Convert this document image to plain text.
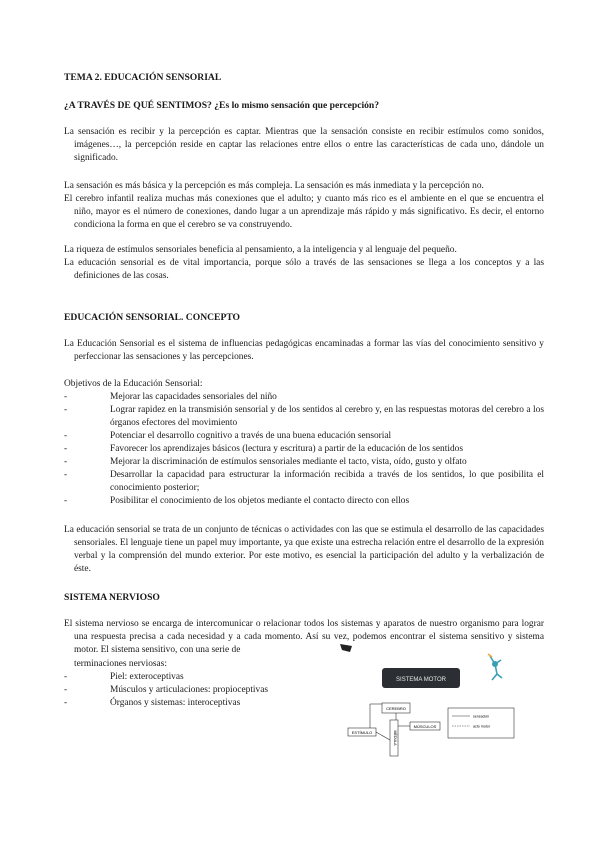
TEMA 2. EDUCACIÓN SENSORIAL
¿A TRAVÉS DE QUÉ SENTIMOS? ¿Es lo mismo sensación que percepción?

La sensación es recibir y la percepción es captar. Mientras que la sensación consiste en recibir estímulos como sonidos, imágenes…, la percepción reside en captar las relaciones entre ellos o entre las características de cada uno, dándole un significado.

La sensación es más básica y la percepción es más compleja. La sensación es más inmediata y la percepción no.

El cerebro infantil realiza muchas más conexiones que el adulto; y cuanto más rico es el ambiente en el que se encuentra el niño, mayor es el número de conexiones, dando lugar a un aprendizaje más rápido y más significativo. Es decir, el entorno condiciona la forma en que el cerebro se va construyendo.

La riqueza de estímulos sensoriales beneficia al pensamiento, a la inteligencia y al lenguaje del pequeño.

La educación sensorial es de vital importancia, porque sólo a través de las sensaciones se llega a los conceptos y a las definiciones de las cosas.

EDUCACIÓN SENSORIAL. CONCEPTO

La Educación Sensorial es el sistema de influencias pedagógicas encaminadas a formar las vías del conocimiento sensitivo y perfeccionar las sensaciones y las percepciones.

Objetivos de la Educación Sensorial:
-	Mejorar las capacidades sensoriales del niño
-	Lograr rapidez en la transmisión sensorial y de los sentidos al cerebro y, en las respuestas motoras del cerebro a los órganos efectores del movimiento
-	Potenciar el desarrollo cognitivo a través de una buena educación sensorial
-	Favorecer los aprendizajes básicos (lectura y escritura) a partir de la educación de los sentidos
-	Mejorar la discriminación de estímulos sensoriales mediante el tacto, vista, oído, gusto y olfato
-	Desarrollar la capacidad para estructurar la información recibida a través de los sentidos, lo que posibilita el conocimiento posterior;
-	Posibilitar el conocimiento de los objetos mediante el contacto directo con ellos

La educación sensorial se trata de un conjunto de técnicas o actividades con las que se estimula el desarrollo de las capacidades sensoriales. El lenguaje tiene un papel muy importante, ya que existe una estrecha relación entre el desarrollo de la expresión verbal y la comprensión del mundo exterior. Por este motivo, es esencial la participación del adulto y la verbalización de éste.

SISTEMA NERVIOSO

El sistema nervioso se encarga de intercomunicar o relacionar todos los sistemas y aparatos de nuestro organismo para lograr una respuesta precisa a cada necesidad y a cada momento. Así su vez, podemos encontrar el sistema sensitivo y sistema motor. El sistema sensitivo, con una serie de

terminaciones nerviosas:
-	Piel: exteroceptivas
-	Músculos y articulaciones: propioceptivas
-	Órganos y sistemas: interoceptivas
SISTEMA MOTOR
CEREBRO
ESTÍMULO
MÚSCULOS
MÉDULA
sensación
acto motor
